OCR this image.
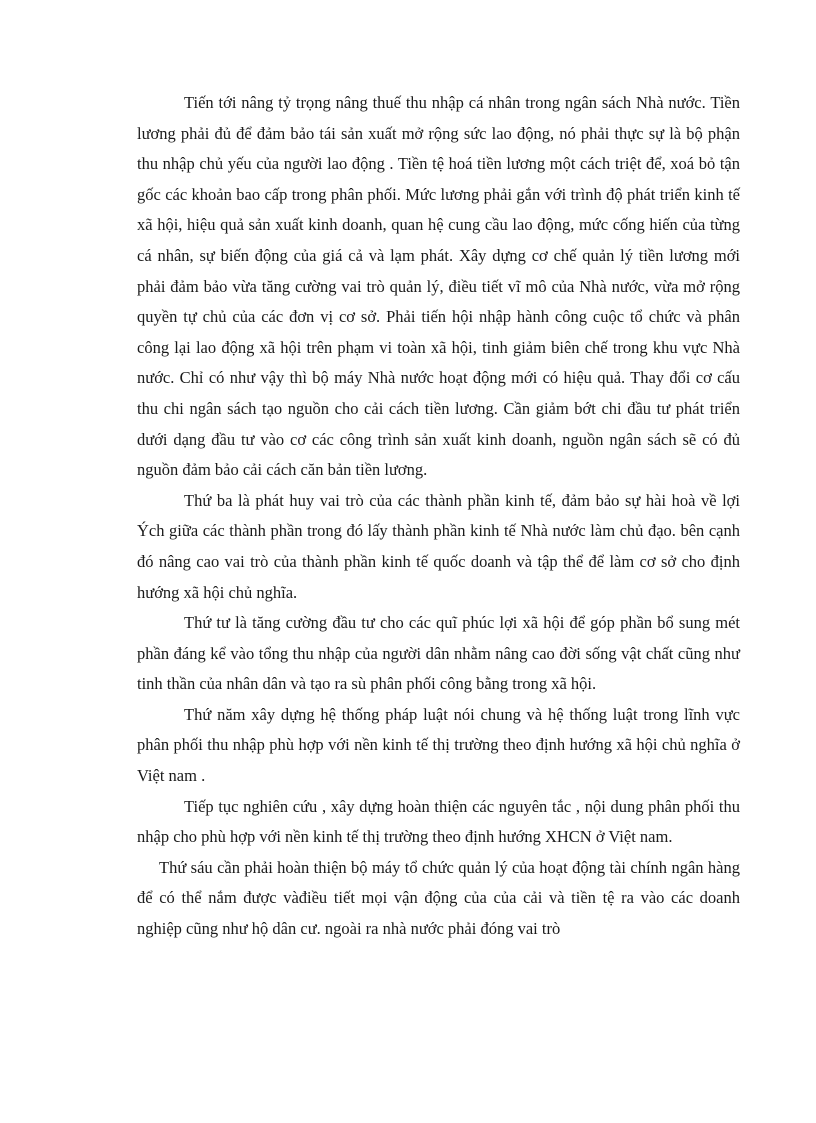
Tiến tới nâng tỷ trọng nâng thuế thu nhập cá nhân trong ngân sách Nhà nước. Tiền lương phải đủ để đảm bảo tái sản xuất mở rộng sức lao động, nó phải thực sự là bộ phận thu nhập chủ yếu của người lao động . Tiền tệ hoá tiền lương một cách triệt để, xoá bỏ tận gốc các khoản bao cấp trong phân phối. Mức lương phải gắn với trình độ phát triển kinh tế xã hội, hiệu quả sản xuất kinh doanh, quan hệ cung cầu lao động, mức cống hiến của từng cá nhân, sự biến động của giá cả và lạm phát. Xây dựng cơ chế quản lý tiền lương mới phải đảm bảo vừa tăng cường vai trò quản lý, điều tiết vĩ mô của Nhà nước, vừa mở rộng quyền tự chủ của các đơn vị cơ sở. Phải tiến hội nhập hành công cuộc tổ chức và phân công lại lao động xã hội trên phạm vi toàn xã hội, tinh giảm biên chế trong khu vực Nhà nước. Chỉ có như vậy thì bộ máy Nhà nước hoạt động mới có hiệu quả. Thay đổi cơ cấu thu chi ngân sách tạo nguồn cho cải cách tiền lương. Cần giảm bớt chi đầu tư phát triển dưới dạng đầu tư vào cơ các công trình sản xuất kinh doanh, nguồn ngân sách sẽ có đủ nguồn đảm bảo cải cách căn bản tiền lương.

Thứ ba là phát huy vai trò của các thành phần kinh tế, đảm bảo sự hài hoà về lợi Ých giữa các thành phần trong đó lấy thành phần kinh tế Nhà nước làm chủ đạo. bên cạnh đó nâng cao vai trò của thành phần kinh tế quốc doanh và tập thể để làm cơ sở cho định hướng xã hội chủ nghĩa.

Thứ tư là tăng cường đầu tư cho các quĩ phúc lợi xã hội để góp phần bổ sung mét phần đáng kể vào tổng thu nhập của người dân nhằm nâng cao đời sống vật chất cũng như tinh thần của nhân dân và tạo ra sù phân phối công bằng trong xã hội.

Thứ năm xây dựng hệ thống pháp luật nói chung và hệ thống luật trong lĩnh vực phân phối thu nhập phù hợp với nền kinh tế thị trường theo định hướng xã hội chủ nghĩa ở Việt nam .

Tiếp tục nghiên cứu , xây dựng hoàn thiện các nguyên tắc , nội dung phân phối thu nhập cho phù hợp với nền kinh tế thị trường theo định hướng XHCN ở Việt nam.

Thứ sáu cần phải hoàn thiện bộ máy tổ chức quản lý của hoạt động tài chính ngân hàng để có thể nắm được vàđiều tiết mọi vận động của của cải và tiền tệ ra vào các doanh nghiệp cũng như hộ dân cư. ngoài ra nhà nước phải đóng vai trò
